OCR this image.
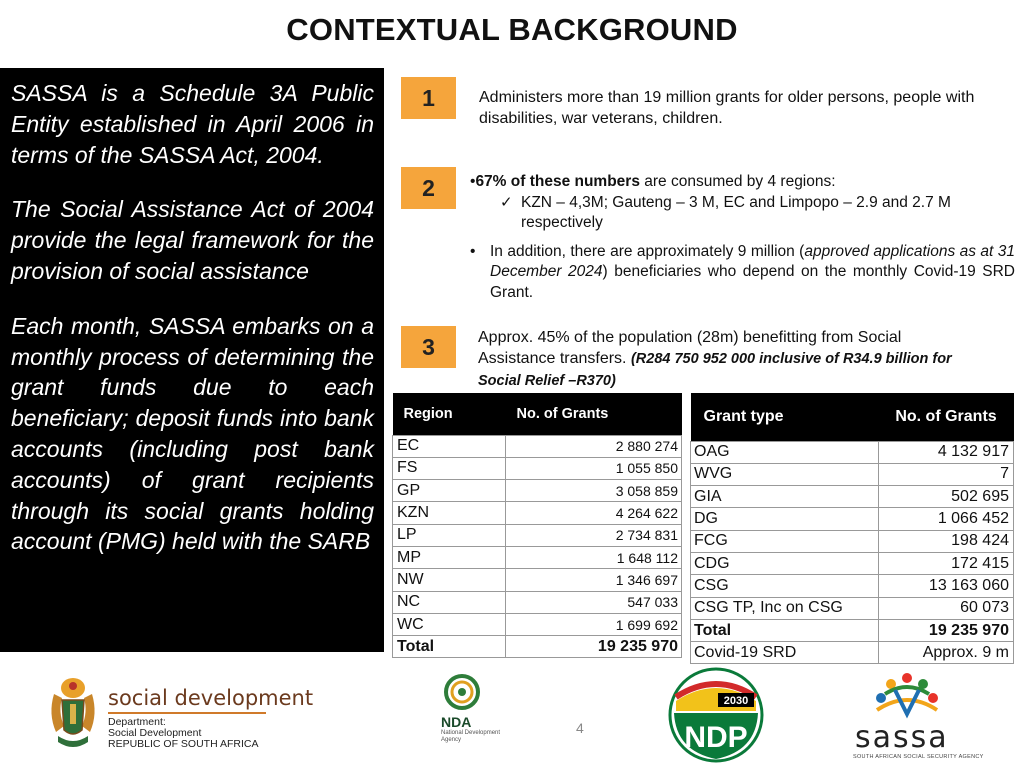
CONTEXTUAL BACKGROUND

SASSA is a Schedule 3A Public Entity established in April 2006 in terms of the SASSA Act, 2004.

The Social Assistance Act of 2004 provide the legal framework for the provision of social assistance

Each month, SASSA embarks on a monthly process of determining the grant funds due to each beneficiary; deposit funds into bank accounts (including post bank accounts) of grant recipients through its social grants holding account (PMG) held with the SARB

1
2
3
Administers more than 19 million grants for older persons, people with disabilities, war veterans, children.
•67% of these numbers are consumed by 4 regions:
✓ KZN – 4,3M; Gauteng – 3 M, EC and Limpopo – 2.9 and 2.7 M respectively
• In addition, there are approximately 9 million (approved applications as at 31 December 2024) beneficiaries who depend on the monthly Covid-19 SRD Grant.
Approx. 45% of the population (28m) benefitting from Social Assistance transfers. (R284 750 952 000 inclusive of R34.9 billion for Social Relief –R370)
Region	No. of Grants
EC	2 880 274
FS	1 055 850
GP	3 058 859
KZN	4 264 622
LP	2 734 831
MP	1 648 112
NW	1 346 697
NC	547 033
WC	1 699 692
Total	19 235 970
Grant type	No. of Grants
OAG	4 132 917
WVG	7
GIA	502 695
DG	1 066 452
FCG	198 424
CDG	172 415
CSG	13 163 060
CSG TP, Inc on CSG	60 073
Total	19 235 970
Covid-19 SRD	Approx. 9 m
social development
Department:
Social Development
REPUBLIC OF SOUTH AFRICA
4
NDA
National Development Agency
2030
NDP	sassa
SOUTH AFRICAN SOCIAL SECURITY AGENCY
